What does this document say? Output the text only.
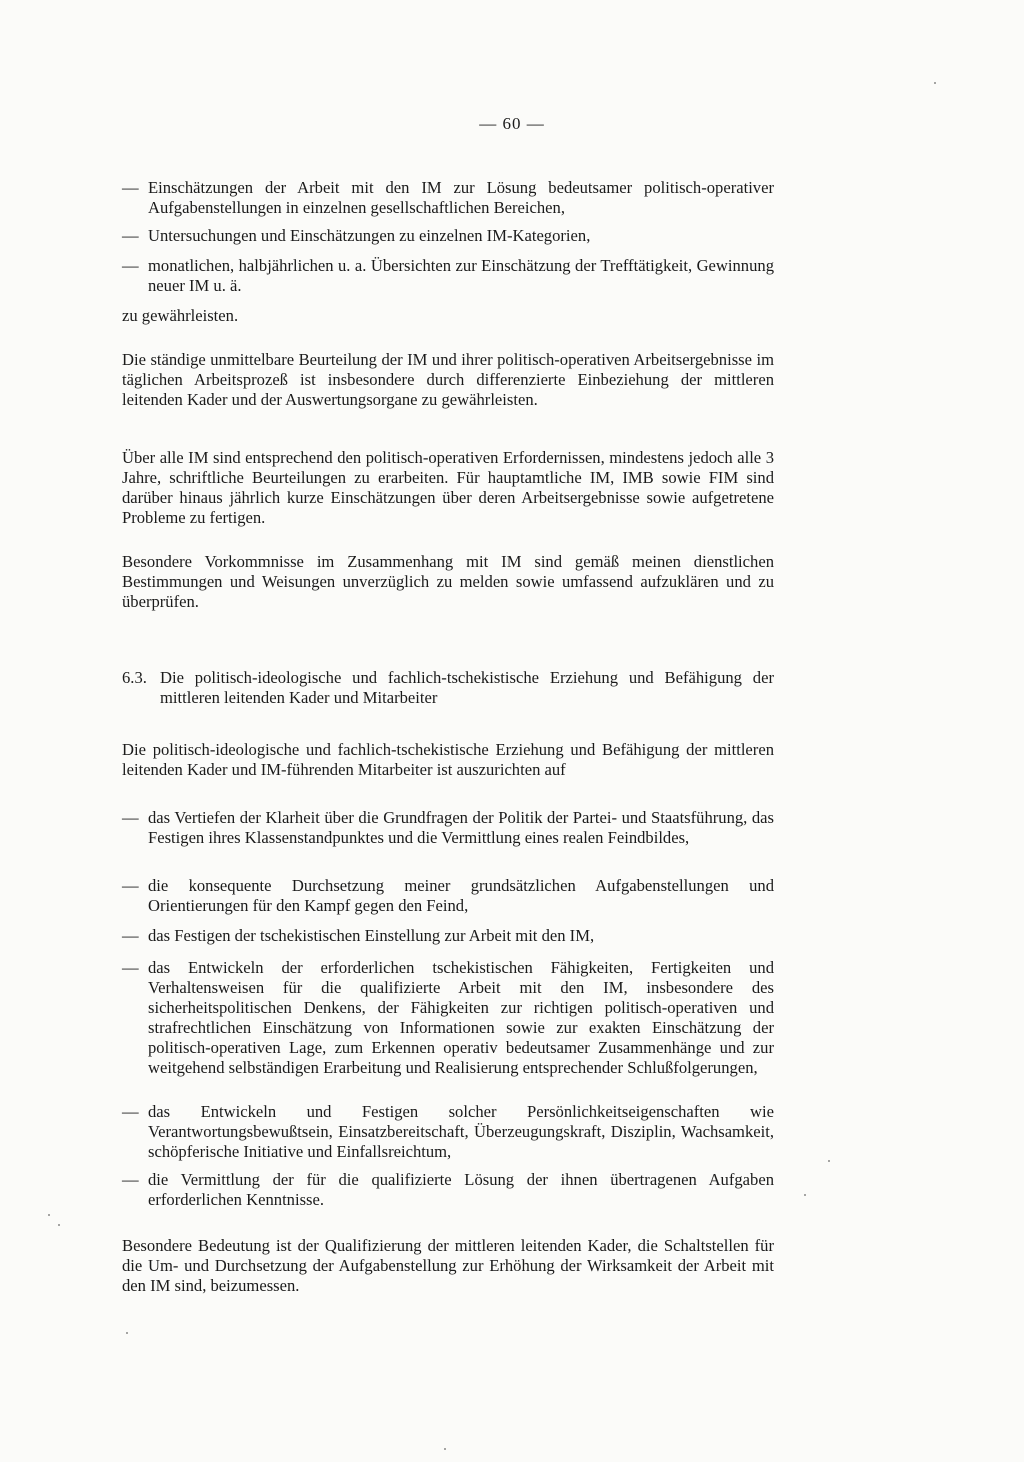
— 60 —
— Einschätzungen der Arbeit mit den IM zur Lösung bedeutsamer politisch-operativer Aufgabenstellungen in einzelnen gesellschaftlichen Bereichen,
— Untersuchungen und Einschätzungen zu einzelnen IM-Kategorien,
— monatlichen, halbjährlichen u. a. Übersichten zur Einschätzung der Trefftätigkeit, Gewinnung neuer IM u. ä.

zu gewährleisten.

Die ständige unmittelbare Beurteilung der IM und ihrer politisch-operativen Arbeitsergebnisse im täglichen Arbeitsprozeß ist insbesondere durch differenzierte Einbeziehung der mittleren leitenden Kader und der Auswertungsorgane zu gewährleisten.

Über alle IM sind entsprechend den politisch-operativen Erfordernissen, mindestens jedoch alle 3 Jahre, schriftliche Beurteilungen zu erarbeiten. Für hauptamtliche IM, IMB sowie FIM sind darüber hinaus jährlich kurze Einschätzungen über deren Arbeitsergebnisse sowie aufgetretene Probleme zu fertigen.

Besondere Vorkommnisse im Zusammenhang mit IM sind gemäß meinen dienstlichen Bestimmungen und Weisungen unverzüglich zu melden sowie umfassend aufzuklären und zu überprüfen.

6.3. Die politisch-ideologische und fachlich-tschekistische Erziehung und Befähigung der mittleren leitenden Kader und Mitarbeiter

Die politisch-ideologische und fachlich-tschekistische Erziehung und Befähigung der mittleren leitenden Kader und IM-führenden Mitarbeiter ist auszurichten auf

— das Vertiefen der Klarheit über die Grundfragen der Politik der Partei- und Staatsführung, das Festigen ihres Klassenstandpunktes und die Vermittlung eines realen Feindbildes,
— die konsequente Durchsetzung meiner grundsätzlichen Aufgabenstellungen und Orientierungen für den Kampf gegen den Feind,
— das Festigen der tschekistischen Einstellung zur Arbeit mit den IM,
— das Entwickeln der erforderlichen tschekistischen Fähigkeiten, Fertigkeiten und Verhaltensweisen für die qualifizierte Arbeit mit den IM, insbesondere des sicherheitspolitischen Denkens, der Fähigkeiten zur richtigen politisch-operativen und strafrechtlichen Einschätzung von Informationen sowie zur exakten Einschätzung der politisch-operativen Lage, zum Erkennen operativ bedeutsamer Zusammenhänge und zur weitgehend selbständigen Erarbeitung und Realisierung entsprechender Schlußfolgerungen,
— das Entwickeln und Festigen solcher Persönlichkeitseigenschaften wie Verantwortungsbewußtsein, Einsatzbereitschaft, Überzeugungskraft, Disziplin, Wachsamkeit, schöpferische Initiative und Einfallsreichtum,
— die Vermittlung der für die qualifizierte Lösung der ihnen übertragenen Aufgaben erforderlichen Kenntnisse.

Besondere Bedeutung ist der Qualifizierung der mittleren leitenden Kader, die Schaltstellen für die Um- und Durchsetzung der Aufgabenstellung zur Erhöhung der Wirksamkeit der Arbeit mit den IM sind, beizumessen.
